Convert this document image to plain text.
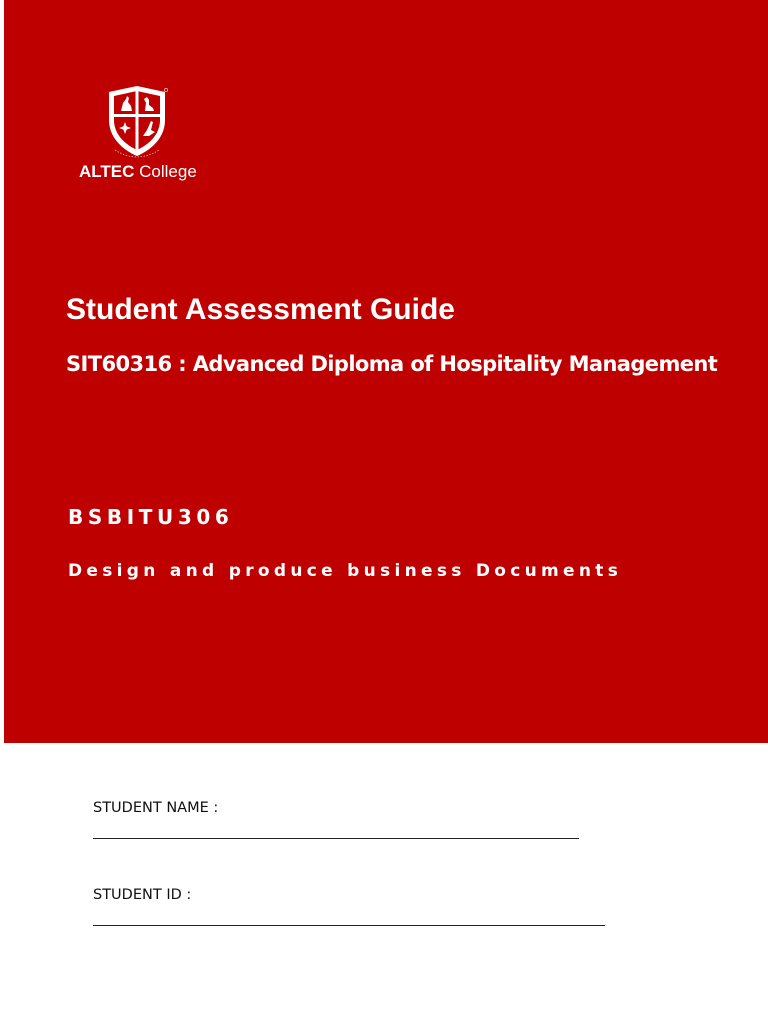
ALTEC College
Student Assessment Guide
SIT60316 : Advanced Diploma of Hospitality Management
BSBITU306
Design and produce business Documents
STUDENT NAME :
STUDENT ID :
